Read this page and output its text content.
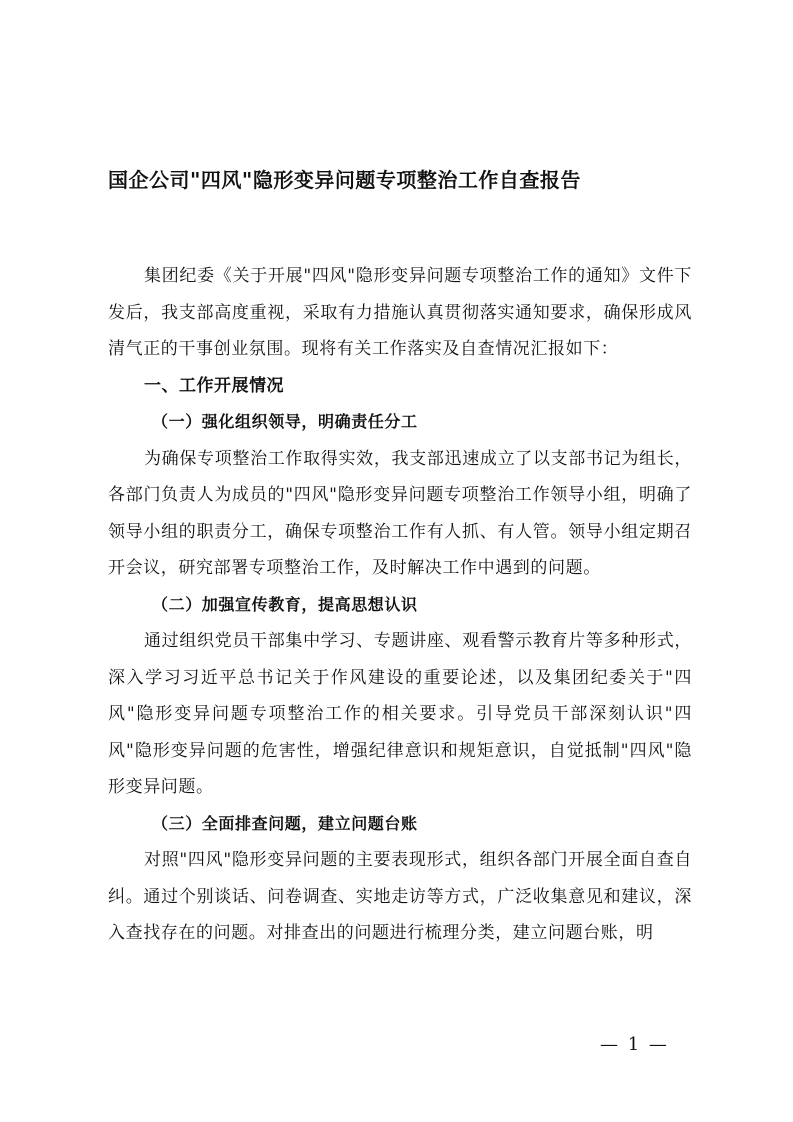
国企公司"四风"隐形变异问题专项整治工作自查报告

集团纪委《关于开展"四风"隐形变异问题专项整治工作的通知》文件下发后，我支部高度重视，采取有力措施认真贯彻落实通知要求，确保形成风清气正的干事创业氛围。现将有关工作落实及自查情况汇报如下：

一、工作开展情况

（一）强化组织领导，明确责任分工

为确保专项整治工作取得实效，我支部迅速成立了以支部书记为组长，各部门负责人为成员的"四风"隐形变异问题专项整治工作领导小组，明确了领导小组的职责分工，确保专项整治工作有人抓、有人管。领导小组定期召开会议，研究部署专项整治工作，及时解决工作中遇到的问题。

（二）加强宣传教育，提高思想认识

通过组织党员干部集中学习、专题讲座、观看警示教育片等多种形式，深入学习习近平总书记关于作风建设的重要论述，以及集团纪委关于"四风"隐形变异问题专项整治工作的相关要求。引导党员干部深刻认识"四风"隐形变异问题的危害性，增强纪律意识和规矩意识，自觉抵制"四风"隐形变异问题。

（三）全面排查问题，建立问题台账

对照"四风"隐形变异问题的主要表现形式，组织各部门开展全面自查自纠。通过个别谈话、问卷调查、实地走访等方式，广泛收集意见和建议，深入查找存在的问题。对排查出的问题进行梳理分类，建立问题台账，明

— 1 —
